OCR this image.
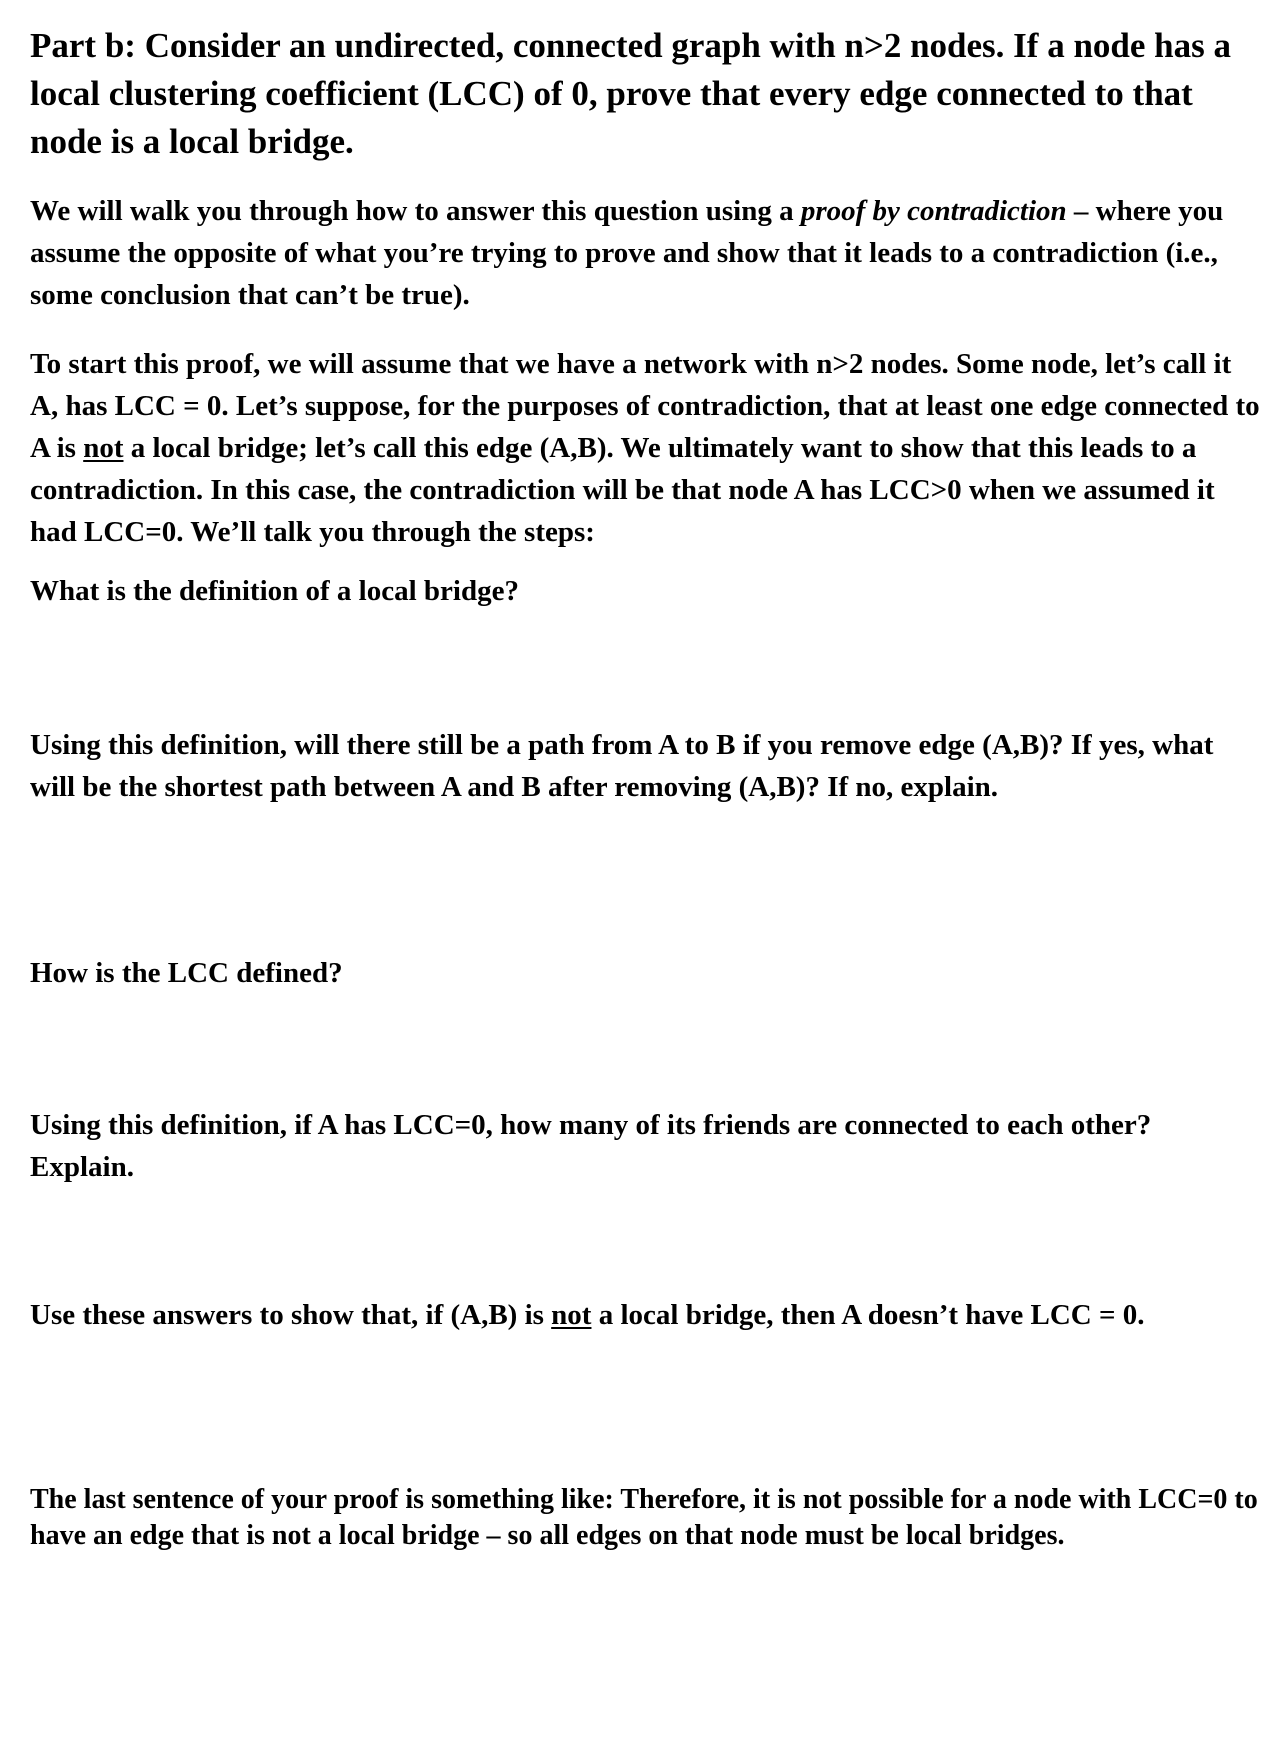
Part b: Consider an undirected, connected graph with n>2 nodes. If a node has a local clustering coefficient (LCC) of 0, prove that every edge connected to that node is a local bridge.

We will walk you through how to answer this question using a proof by contradiction – where you assume the opposite of what you’re trying to prove and show that it leads to a contradiction (i.e., some conclusion that can’t be true).

To start this proof, we will assume that we have a network with n>2 nodes. Some node, let’s call it A, has LCC = 0. Let’s suppose, for the purposes of contradiction, that at least one edge connected to A is not a local bridge; let’s call this edge (A,B). We ultimately want to show that this leads to a contradiction. In this case, the contradiction will be that node A has LCC>0 when we assumed it had LCC=0. We’ll talk you through the steps:

What is the definition of a local bridge?

Using this definition, will there still be a path from A to B if you remove edge (A,B)? If yes, what will be the shortest path between A and B after removing (A,B)? If no, explain.

How is the LCC defined?

Using this definition, if A has LCC=0, how many of its friends are connected to each other? Explain.

Use these answers to show that, if (A,B) is not a local bridge, then A doesn’t have LCC = 0.

The last sentence of your proof is something like: Therefore, it is not possible for a node with LCC=0 to have an edge that is not a local bridge – so all edges on that node must be local bridges.
